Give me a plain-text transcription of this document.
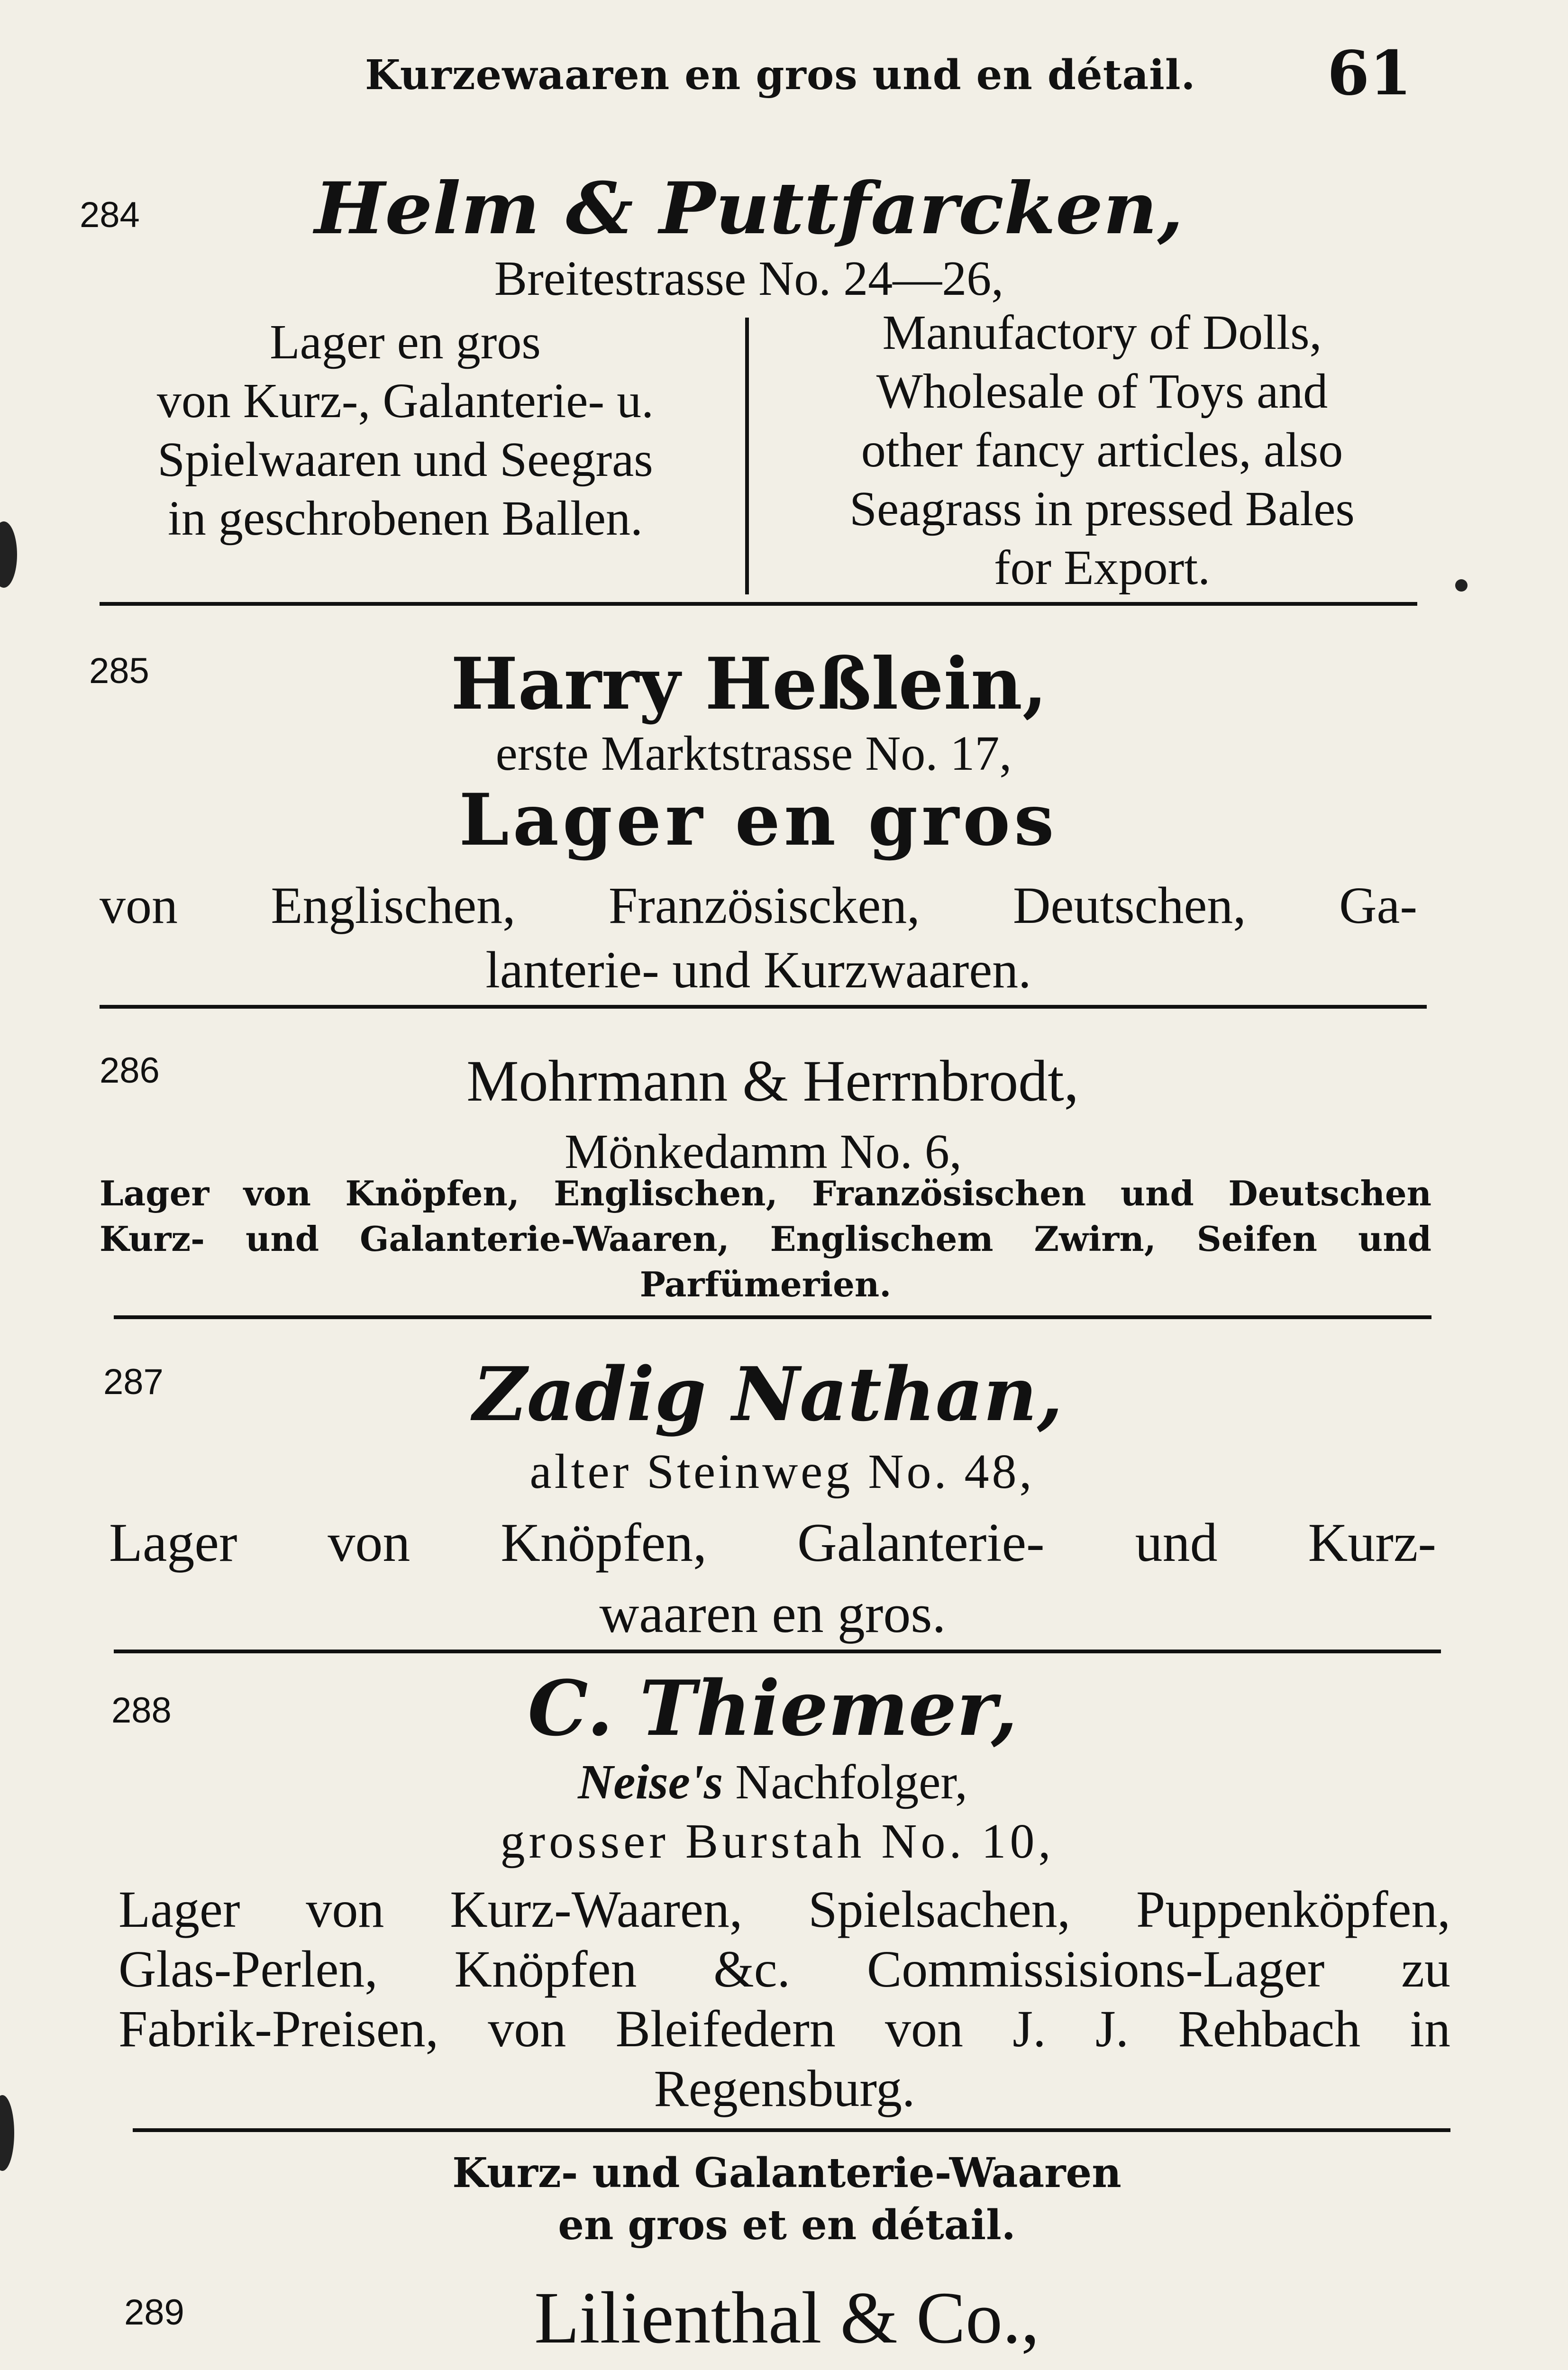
Kurzewaaren en gros und en détail. 61
284	Helm & Puttfarcken,
Breitestrasse No. 24—26,
Lager en gros
von Kurz-, Galanterie- u.
Spielwaaren und Seegras
in geschrobenen Ballen.
Manufactory of Dolls,
Wholesale of Toys and
other fancy articles, also
Seagrass in pressed Bales
for Export.
285	Harry Heßlein,
erste Marktstrasse No. 17,
Lager en gros
von Englischen, Französiscken, Deutschen, Ga-
lanterie- und Kurzwaaren.
286	Mohrmann & Herrnbrodt,
Mönkedamm No. 6,
Lager von Knöpfen, Englischen, Französischen und Deutschen
Kurz- und Galanterie-Waaren, Englischem Zwirn, Seifen und
Parfümerien.
287	Zadig Nathan,
alter Steinweg No. 48,
Lager von Knöpfen, Galanterie- und Kurz-
waaren en gros.
288	C. Thiemer,
Neise's Nachfolger,
grosser Burstah No. 10,
Lager von Kurz-Waaren, Spielsachen, Puppenköpfen,
Glas-Perlen, Knöpfen &c. Commissisions-Lager zu
Fabrik-Preisen, von Bleifedern von J. J. Rehbach in
Regensburg.
Kurz- und Galanterie-Waaren
en gros et en détail.
289	Lilienthal & Co.,
